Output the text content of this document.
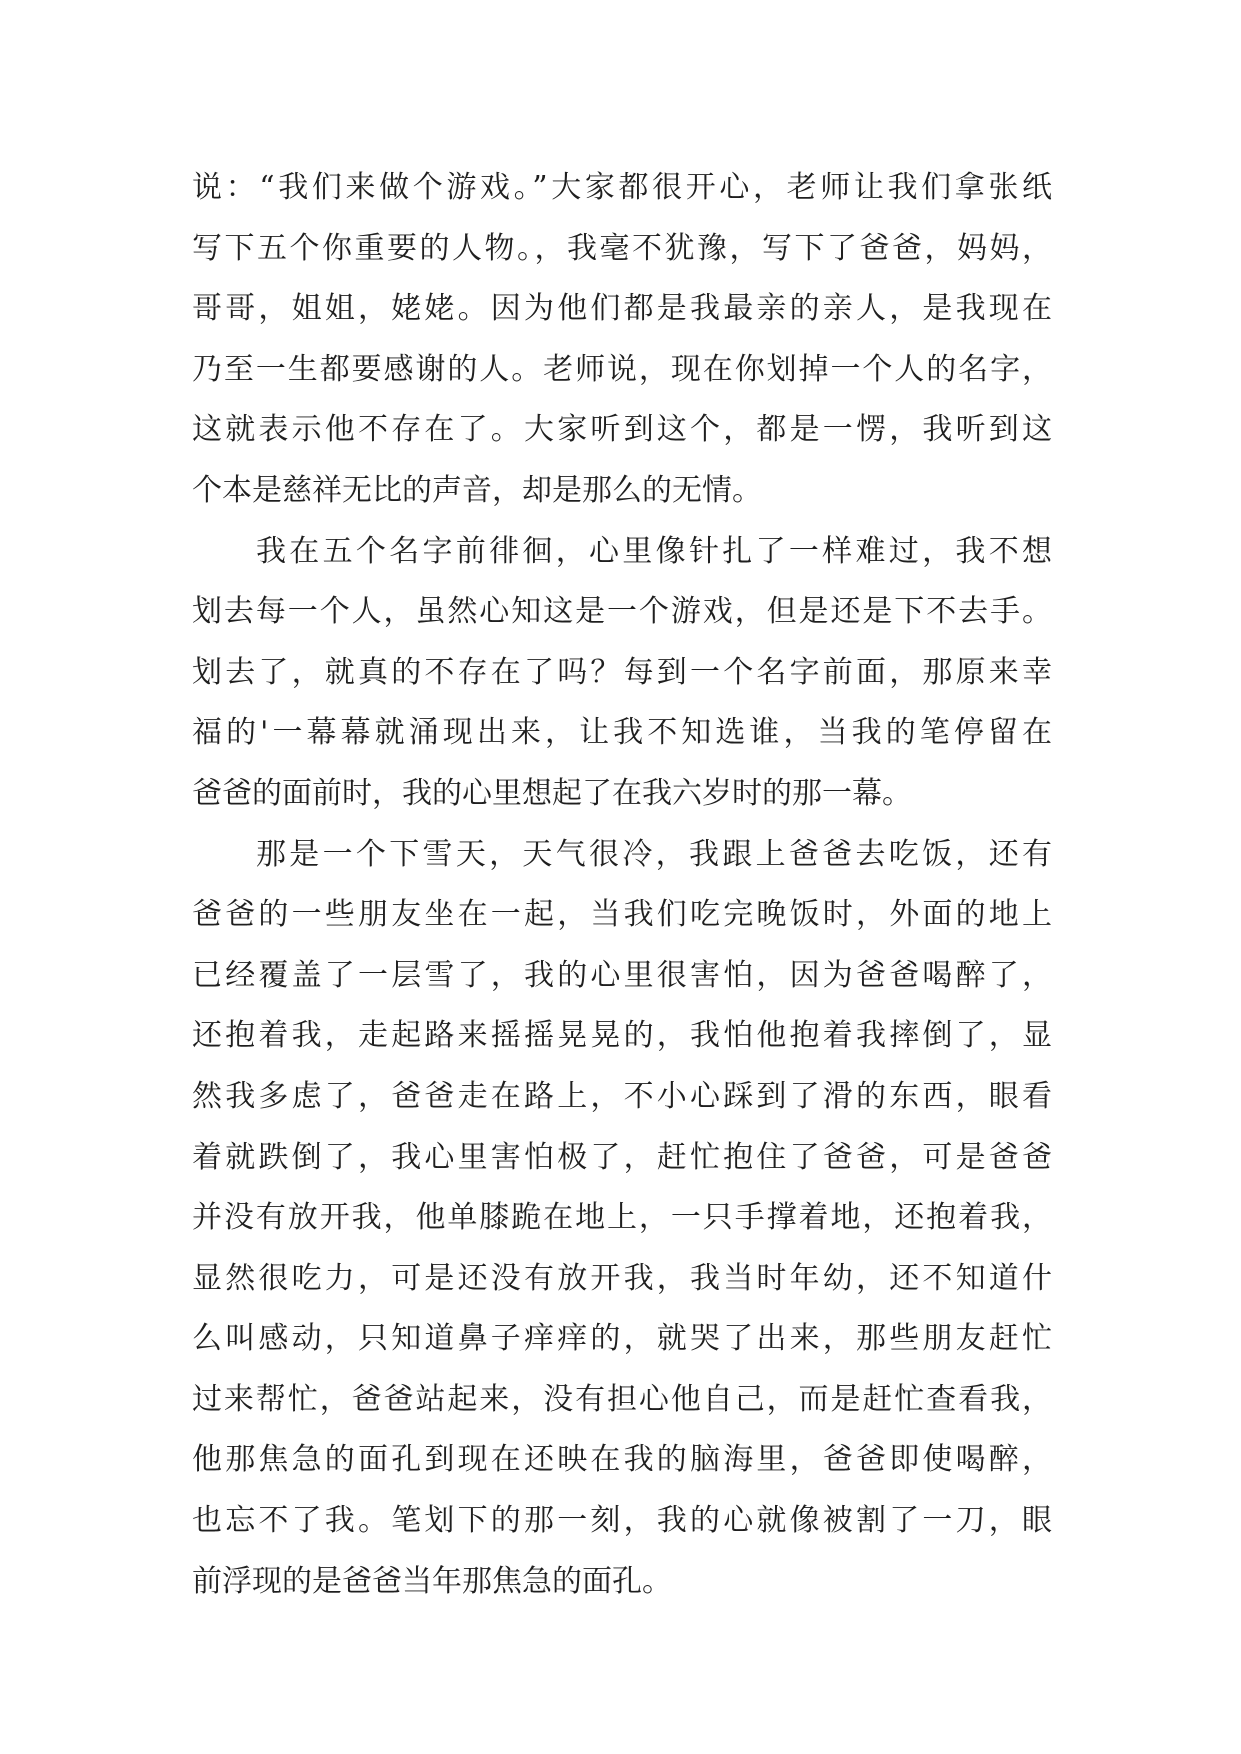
说：“我们来做个游戏。”大家都很开心，老师让我们拿张纸
写下五个你重要的人物。，我毫不犹豫，写下了爸爸，妈妈，
哥哥，姐姐，姥姥。因为他们都是我最亲的亲人，是我现在
乃至一生都要感谢的人。老师说，现在你划掉一个人的名字，
这就表示他不存在了。大家听到这个，都是一愣，我听到这
个本是慈祥无比的声音，却是那么的无情。
我在五个名字前徘徊，心里像针扎了一样难过，我不想
划去每一个人，虽然心知这是一个游戏，但是还是下不去手。
划去了，就真的不存在了吗？每到一个名字前面，那原来幸
福的'一幕幕就涌现出来，让我不知选谁，当我的笔停留在
爸爸的面前时，我的心里想起了在我六岁时的那一幕。
那是一个下雪天，天气很冷，我跟上爸爸去吃饭，还有
爸爸的一些朋友坐在一起，当我们吃完晚饭时，外面的地上
已经覆盖了一层雪了，我的心里很害怕，因为爸爸喝醉了，
还抱着我，走起路来摇摇晃晃的，我怕他抱着我摔倒了，显
然我多虑了，爸爸走在路上，不小心踩到了滑的东西，眼看
着就跌倒了，我心里害怕极了，赶忙抱住了爸爸，可是爸爸
并没有放开我，他单膝跪在地上，一只手撑着地，还抱着我，
显然很吃力，可是还没有放开我，我当时年幼，还不知道什
么叫感动，只知道鼻子痒痒的，就哭了出来，那些朋友赶忙
过来帮忙，爸爸站起来，没有担心他自己，而是赶忙查看我，
他那焦急的面孔到现在还映在我的脑海里，爸爸即使喝醉，
也忘不了我。笔划下的那一刻，我的心就像被割了一刀，眼
前浮现的是爸爸当年那焦急的面孔。
